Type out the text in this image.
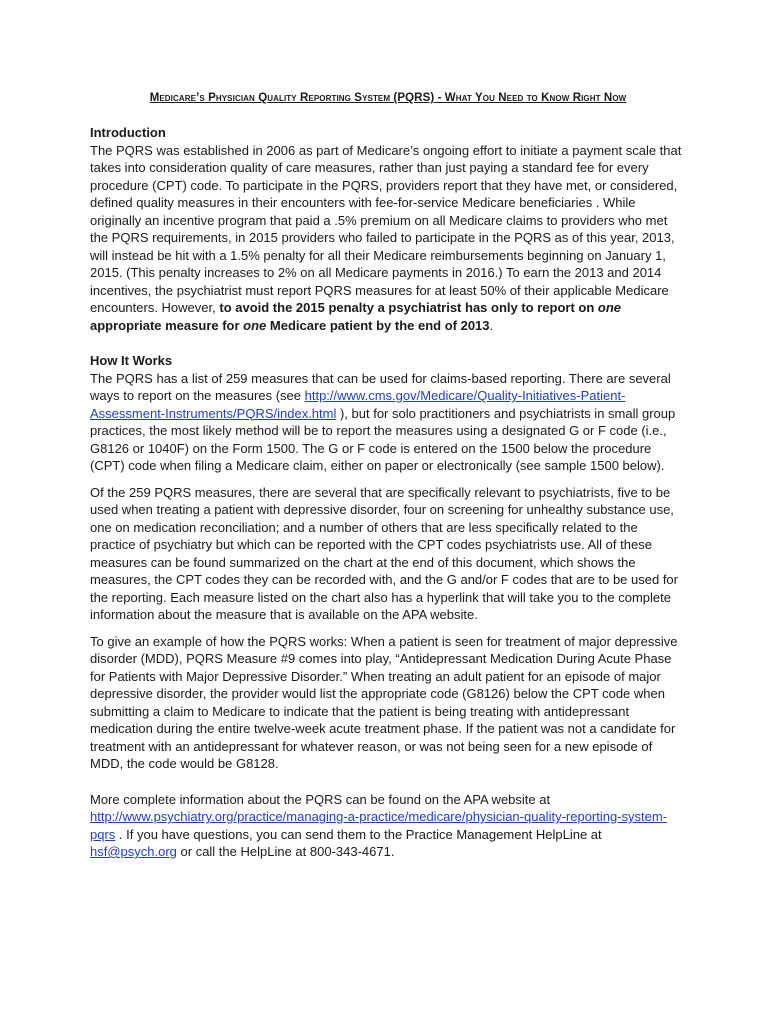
Medicare’s Physician Quality Reporting System (PQRS) - What You Need to Know Right Now
Introduction

The PQRS was established in 2006 as part of Medicare’s ongoing effort to initiate a payment scale that takes into consideration quality of care measures, rather than just paying a standard fee for every procedure (CPT) code. To participate in the PQRS, providers report that they have met, or considered, defined quality measures in their encounters with fee-for-service Medicare beneficiaries . While originally an incentive program that paid a .5% premium on all Medicare claims to providers who met the PQRS requirements, in 2015 providers who failed to participate in the PQRS as of this year, 2013, will instead be hit with a 1.5% penalty for all their Medicare reimbursements beginning on January 1, 2015. (This penalty increases to 2% on all Medicare payments in 2016.) To earn the 2013 and 2014 incentives, the psychiatrist must report PQRS measures for at least 50% of their applicable Medicare encounters. However, to avoid the 2015 penalty a psychiatrist has only to report on one appropriate measure for one Medicare patient by the end of 2013.

How It Works

The PQRS has a list of 259 measures that can be used for claims-based reporting. There are several ways to report on the measures (see http://www.cms.gov/Medicare/Quality-Initiatives-Patient-Assessment-Instruments/PQRS/index.html ), but for solo practitioners and psychiatrists in small group practices, the most likely method will be to report the measures using a designated G or F code (i.e., G8126 or 1040F) on the Form 1500. The G or F code is entered on the 1500 below the procedure (CPT) code when filing a Medicare claim, either on paper or electronically (see sample 1500 below).

Of the 259 PQRS measures, there are several that are specifically relevant to psychiatrists, five to be used when treating a patient with depressive disorder, four on screening for unhealthy substance use, one on medication reconciliation; and a number of others that are less specifically related to the practice of psychiatry but which can be reported with the CPT codes psychiatrists use. All of these measures can be found summarized on the chart at the end of this document, which shows the measures, the CPT codes they can be recorded with, and the G and/or F codes that are to be used for the reporting. Each measure listed on the chart also has a hyperlink that will take you to the complete information about the measure that is available on the APA website.

To give an example of how the PQRS works: When a patient is seen for treatment of major depressive disorder (MDD), PQRS Measure #9 comes into play, “Antidepressant Medication During Acute Phase for Patients with Major Depressive Disorder.” When treating an adult patient for an episode of major depressive disorder, the provider would list the appropriate code (G8126) below the CPT code when submitting a claim to Medicare to indicate that the patient is being treating with antidepressant medication during the entire twelve-week acute treatment phase. If the patient was not a candidate for treatment with an antidepressant for whatever reason, or was not being seen for a new episode of MDD, the code would be G8128.

More complete information about the PQRS can be found on the APA website at http://www.psychiatry.org/practice/managing-a-practice/medicare/physician-quality-reporting-system-pqrs . If you have questions, you can send them to the Practice Management HelpLine at hsf@psych.org or call the HelpLine at 800-343-4671.
